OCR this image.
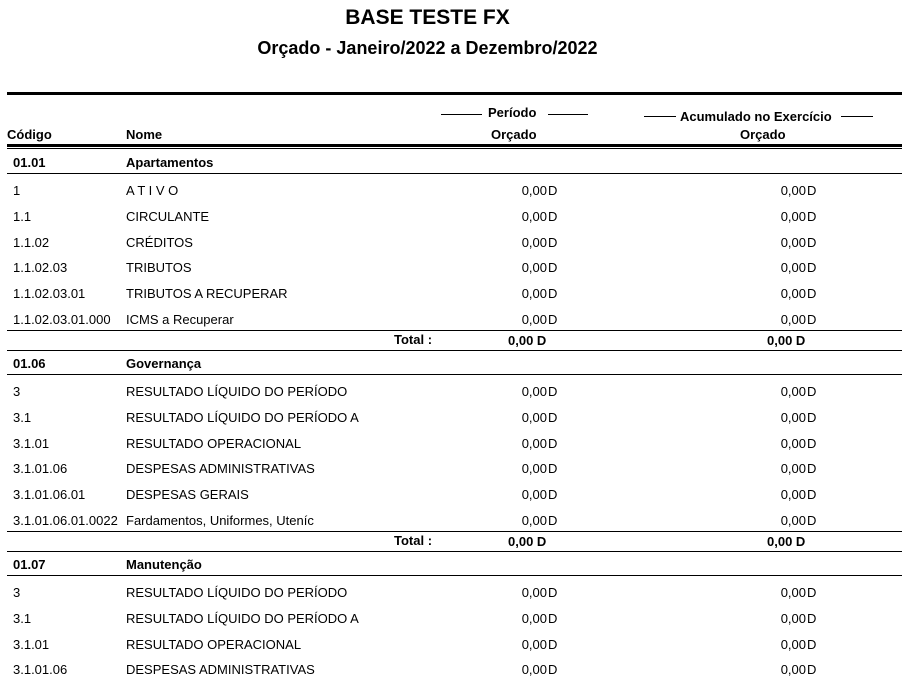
BASE TESTE FX
Orçado - Janeiro/2022 a Dezembro/2022
Código	Nome
Período
Orçado
Acumulado no Exercício
Orçado
01.01	Apartamentos
1	A T I V O	0,00 D	0,00 D
1.1	CIRCULANTE	0,00 D	0,00 D
1.1.02	CRÉDITOS	0,00 D	0,00 D
1.1.02.03	TRIBUTOS	0,00 D	0,00 D
1.1.02.03.01	TRIBUTOS A RECUPERAR	0,00 D	0,00 D
1.1.02.03.01.000	ICMS a Recuperar	0,00 D	0,00 D
Total :	0,00 D	0,00 D
01.06	Governança
3	RESULTADO LÍQUIDO DO PERÍODO	0,00 D	0,00 D
3.1	RESULTADO LÍQUIDO DO PERÍODO A	0,00 D	0,00 D
3.1.01	RESULTADO OPERACIONAL	0,00 D	0,00 D
3.1.01.06	DESPESAS ADMINISTRATIVAS	0,00 D	0,00 D
3.1.01.06.01	DESPESAS GERAIS	0,00 D	0,00 D
3.1.01.06.01.0022 Fardamentos, Uniformes, Uteníc	0,00 D	0,00 D
Total :	0,00 D	0,00 D
01.07	Manutenção
3	RESULTADO LÍQUIDO DO PERÍODO	0,00 D	0,00 D
3.1	RESULTADO LÍQUIDO DO PERÍODO A	0,00 D	0,00 D
3.1.01	RESULTADO OPERACIONAL	0,00 D	0,00 D
3.1.01.06	DESPESAS ADMINISTRATIVAS	0,00 D	0,00 D
